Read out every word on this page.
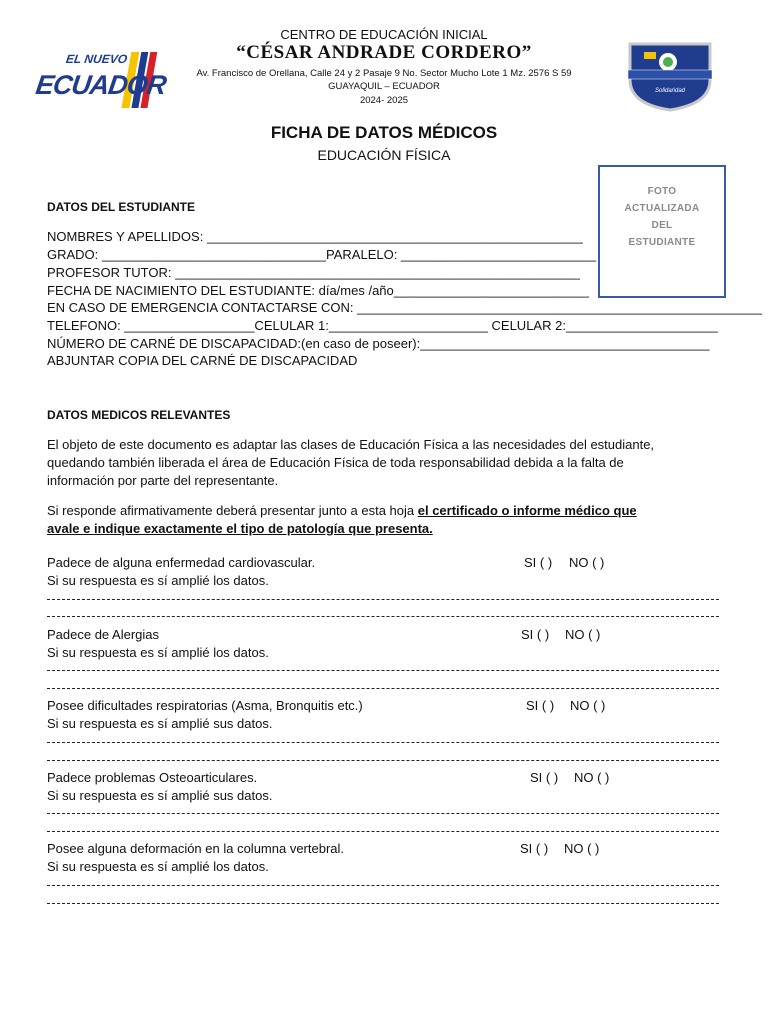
EL NUEVO
ECUADOR
CENTRO DE EDUCACIÓN INICIAL
“CÉSAR ANDRADE CORDERO”
Av. Francisco de Orellana, Calle 24 y 2 Pasaje 9 No. Sector Mucho Lote 1 Mz. 2576 S 59
GUAYAQUIL – ECUADOR
2024- 2025
Solidaridad
FICHA DE DATOS MÉDICOS
EDUCACIÓN FÍSICA
DATOS DEL ESTUDIANTE
NOMBRES Y APELLIDOS: ____________________________________________________
GRADO: _______________________________PARALELO: ___________________________
PROFESOR TUTOR: ________________________________________________________
FECHA DE NACIMIENTO DEL ESTUDIANTE: día/mes /año___________________________
EN CASO DE EMERGENCIA CONTACTARSE CON: ________________________________________________________
TELEFONO: __________________CELULAR 1:______________________ CELULAR 2:_____________________
NÚMERO DE CARNÉ DE DISCAPACIDAD:(en caso de poseer):________________________________________
ABJUNTAR COPIA DEL CARNÉ DE DISCAPACIDAD
FOTO
ACTUALIZADA
DEL
ESTUDIANTE
DATOS MEDICOS RELEVANTES
El objeto de este documento es adaptar las clases de Educación Física a las necesidades del estudiante,
quedando también liberada el área de Educación Física de toda responsabilidad debida a la falta de
información por parte del representante.
Si responde afirmativamente deberá presentar junto a esta hoja el certificado o informe médico que
avale e indique exactamente el tipo de patología que presenta.
Padece de alguna enfermedad cardiovascular.	SI ( ) NO ( )
Si su respuesta es sí amplié los datos.
Padece de Alergias	SI ( ) NO ( )
Si su respuesta es sí amplié los datos.
Posee dificultades respiratorias (Asma, Bronquitis etc.)	SI ( ) NO ( )
Si su respuesta es sí amplié sus datos.
Padece problemas Osteoarticulares.	SI ( ) NO ( )
Si su respuesta es sí amplié sus datos.
Posee alguna deformación en la columna vertebral.	SI ( ) NO ( )
Si su respuesta es sí amplié los datos.
